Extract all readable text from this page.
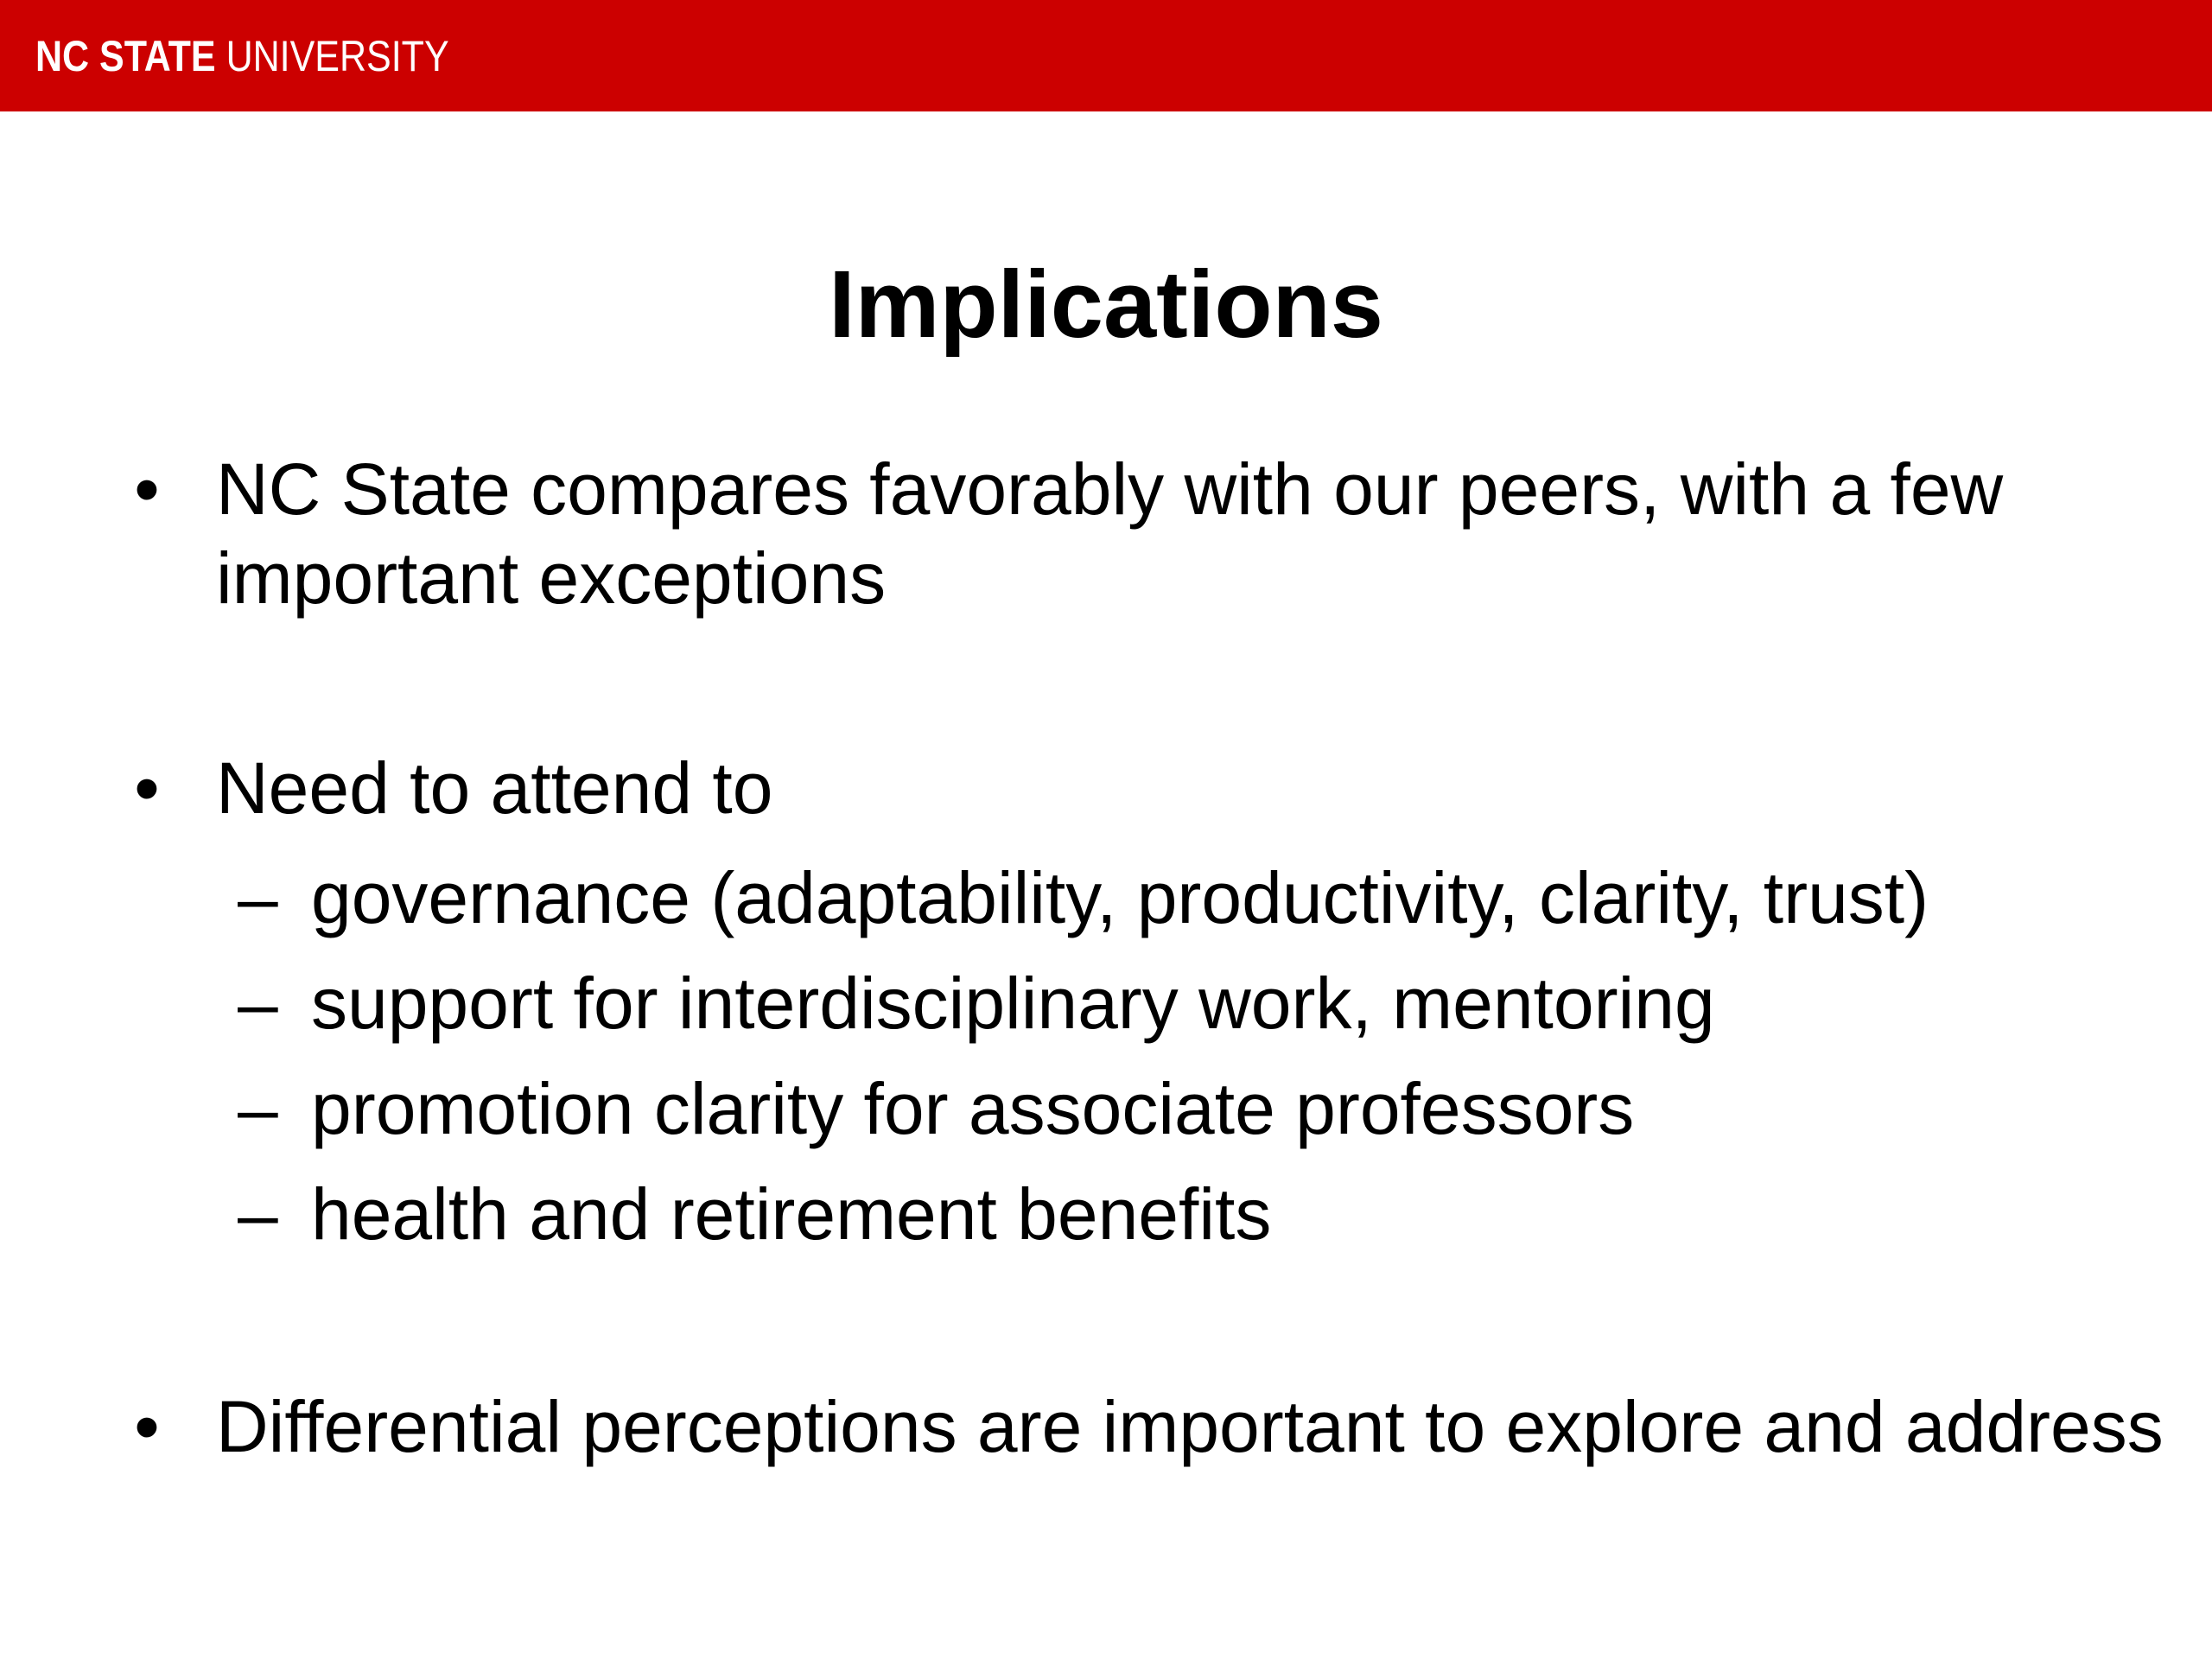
NC STATE UNIVERSITY
Implications
• NC State compares favorably with our peers, with a few important exceptions
• Need to attend to
– governance (adaptability, productivity, clarity, trust)
– support for interdisciplinary work, mentoring
– promotion clarity for associate professors
– health and retirement benefits
• Differential perceptions are important to explore and address
